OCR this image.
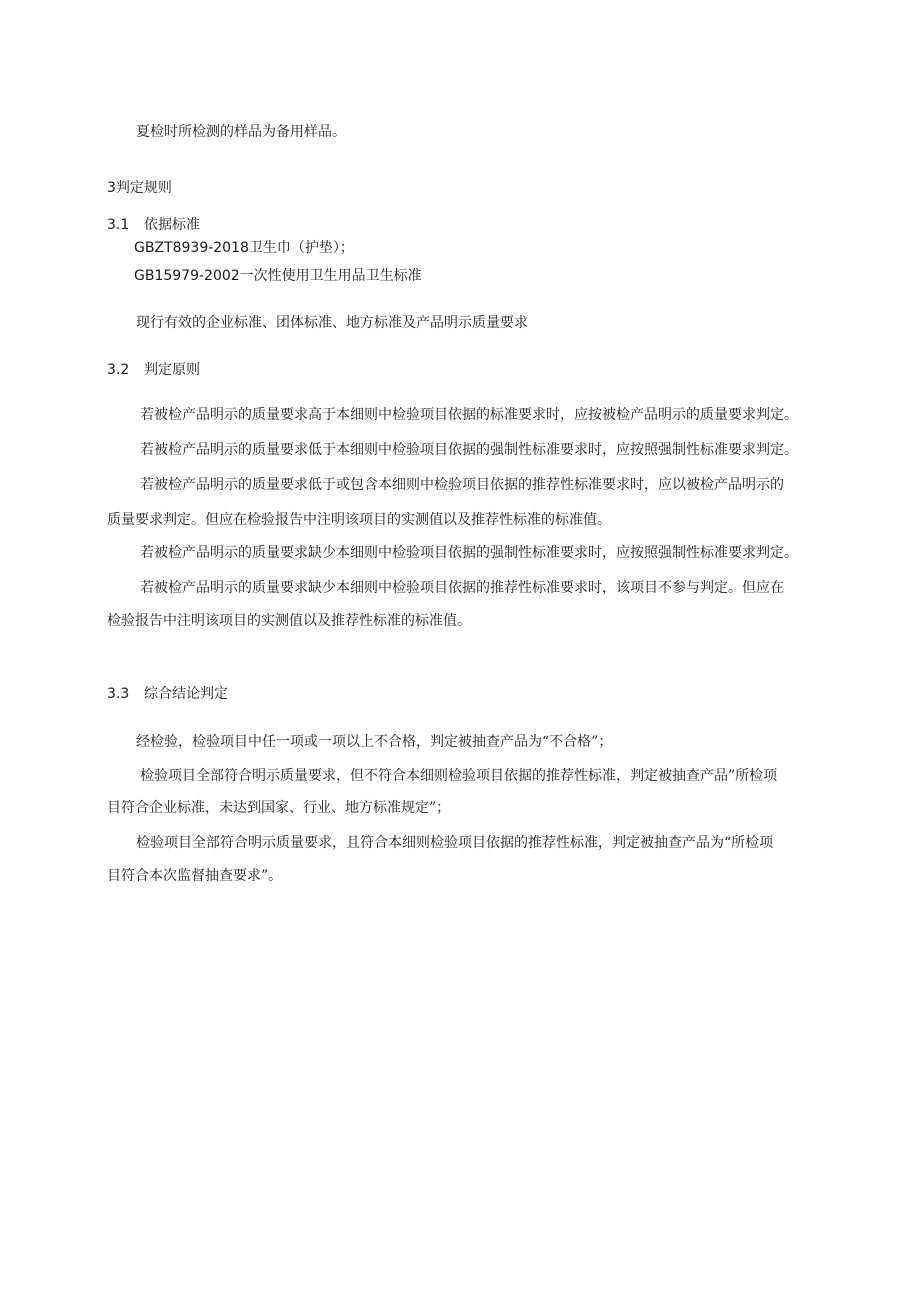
夏检时所检测的样品为备用样品。
3判定规则
3.1 依据标准
GBZT8939-2018卫生巾（护垫）；
GB15979-2002一次性使用卫生用品卫生标准
现行有效的企业标准、团体标准、地方标准及产品明示质量要求
3.2 判定原则
若被检产品明示的质量要求高于本细则中检验项目依据的标准要求时，应按被检产品明示的质量要求判定。
若被检产品明示的质量要求低于本细则中检验项目依据的强制性标准要求时，应按照强制性标准要求判定。
若被检产品明示的质量要求低于或包含本细则中检验项目依据的推荐性标准要求时，应以被检产品明示的
质量要求判定。但应在检验报告中注明该项目的实测值以及推荐性标准的标准值。
若被检产品明示的质量要求缺少本细则中检验项目依据的强制性标准要求时，应按照强制性标准要求判定。
若被检产品明示的质量要求缺少本细则中检验项目依据的推荐性标准要求时，该项目不参与判定。但应在
检验报告中注明该项目的实测值以及推荐性标准的标准值。
3.3 综合结论判定
经检验，检验项目中任一项或一项以上不合格，判定被抽查产品为“不合格”；
检验项目全部符合明示质量要求，但不符合本细则检验项目依据的推荐性标准，判定被抽查产品”所检项
目符合企业标准，未达到国家、行业、地方标准规定”；
检验项目全部符合明示质量要求，且符合本细则检验项目依据的推荐性标准，判定被抽查产品为“所检项
目符合本次监督抽查要求”。
